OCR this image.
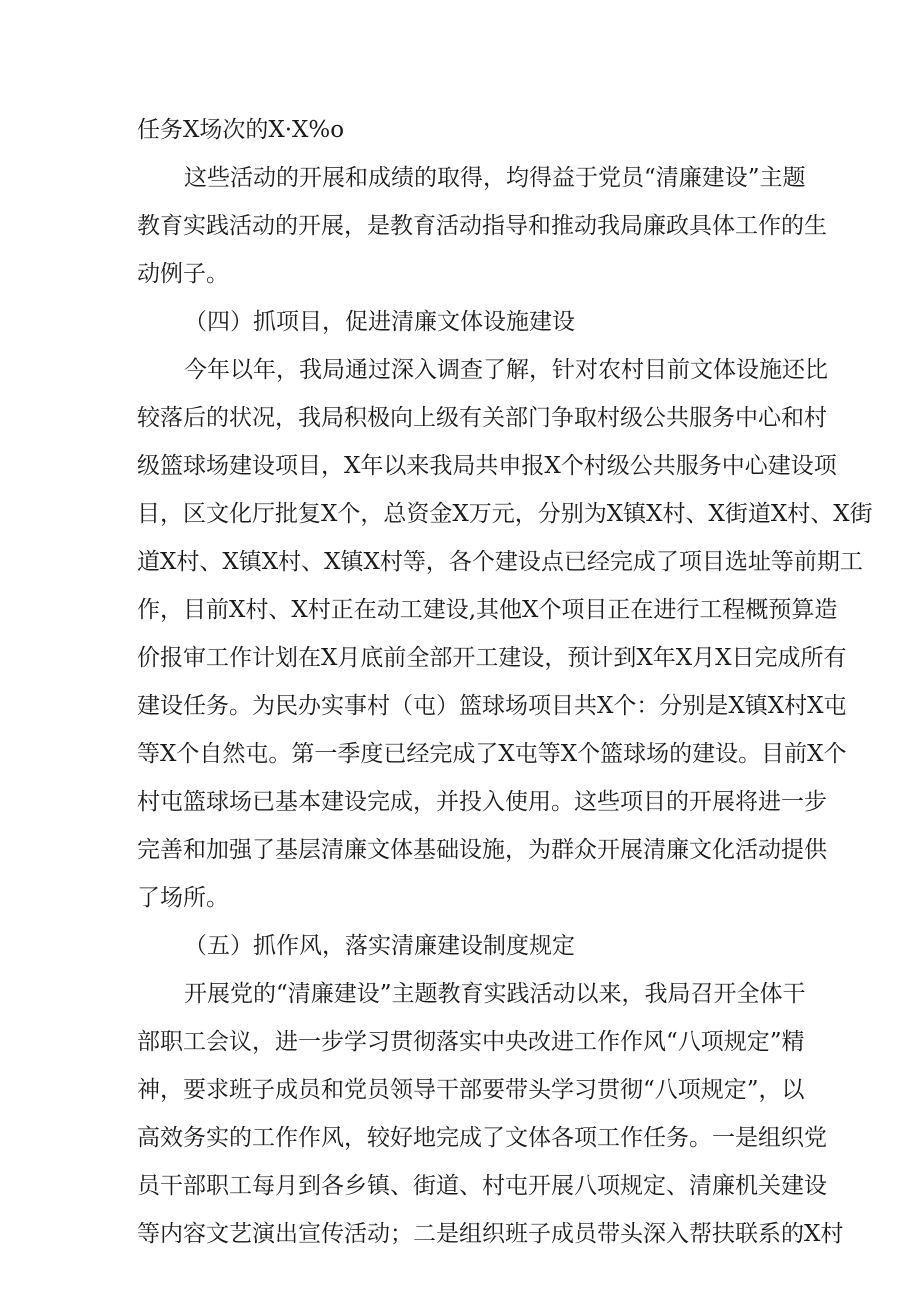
任务X场次的X·X%o

这些活动的开展和成绩的取得，均得益于党员“清廉建设”主题

教育实践活动的开展，是教育活动指导和推动我局廉政具体工作的生

动例子。

（四）抓项目，促进清廉文体设施建设

今年以年，我局通过深入调查了解，针对农村目前文体设施还比

较落后的状况，我局积极向上级有关部门争取村级公共服务中心和村

级篮球场建设项目，X年以来我局共申报X个村级公共服务中心建设项

目，区文化厅批复X个，总资金X万元，分别为X镇X村、X街道X村、X街

道X村、X镇X村、X镇X村等，各个建设点已经完成了项目选址等前期工

作，目前X村、X村正在动工建设,其他X个项目正在进行工程概预算造

价报审工作计划在X月底前全部开工建设，预计到X年X月X日完成所有

建设任务。为民办实事村（屯）篮球场项目共X个：分别是X镇X村X屯

等X个自然屯。第一季度已经完成了X屯等X个篮球场的建设。目前X个

村屯篮球场已基本建设完成，并投入使用。这些项目的开展将进一步

完善和加强了基层清廉文体基础设施，为群众开展清廉文化活动提供

了场所。

（五）抓作风，落实清廉建设制度规定

开展党的“清廉建设”主题教育实践活动以来，我局召开全体干

部职工会议，进一步学习贯彻落实中央改进工作作风“八项规定”精

神，要求班子成员和党员领导干部要带头学习贯彻“八项规定”，以

高效务实的工作作风，较好地完成了文体各项工作任务。一是组织党

员干部职工每月到各乡镇、街道、村屯开展八项规定、清廉机关建设

等内容文艺演出宣传活动；二是组织班子成员带头深入帮扶联系的X村
